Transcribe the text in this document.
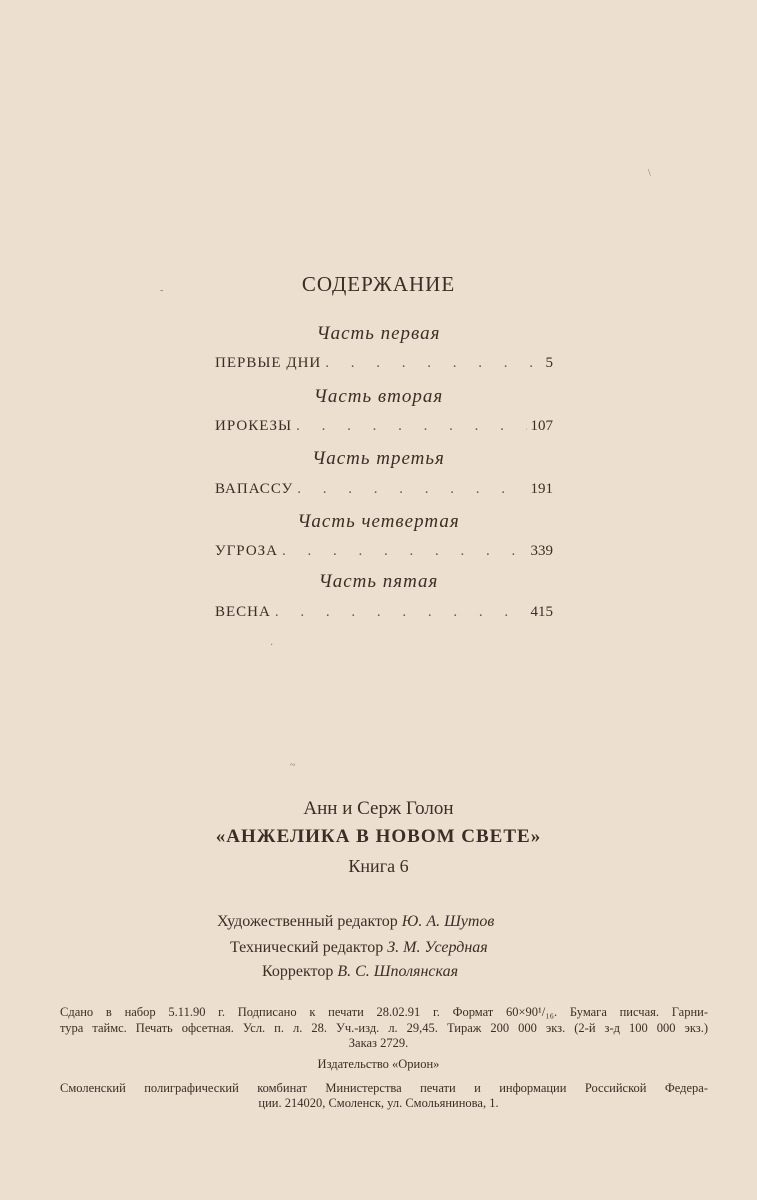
СОДЕРЖАНИЕ
Часть первая
ПЕРВЫЕ ДНИ . . .	5
Часть вторая
ИРОКЕЗЫ . . .	107
Часть третья
ВАПАССУ . . .	191
Часть четвертая
УГРОЗА . . .	339
Часть пятая
ВЕСНА . . .	415
Анн и Серж Голон
«АНЖЕЛИКА В НОВОМ СВЕТЕ»
Книга 6
Художественный редактор Ю. А. Шутов
Технический редактор З. М. Усердная
Корректор В. С. Шполянская
Сдано в набор 5.11.90 г. Подписано к печати 28.02.91 г. Формат 60×90¹/₁₆. Бумага писчая. Гарни-
тура таймс. Печать офсетная. Усл. п. л. 28. Уч.-изд. л. 29,45. Тираж 200 000 экз. (2-й з-д 100 000 экз.)
Заказ 2729.
Издательство «Орион»
Смоленский полиграфический комбинат Министерства печати и информации Российской Федера-
ции. 214020, Смоленск, ул. Смольянинова, 1.
-
\
~
·
